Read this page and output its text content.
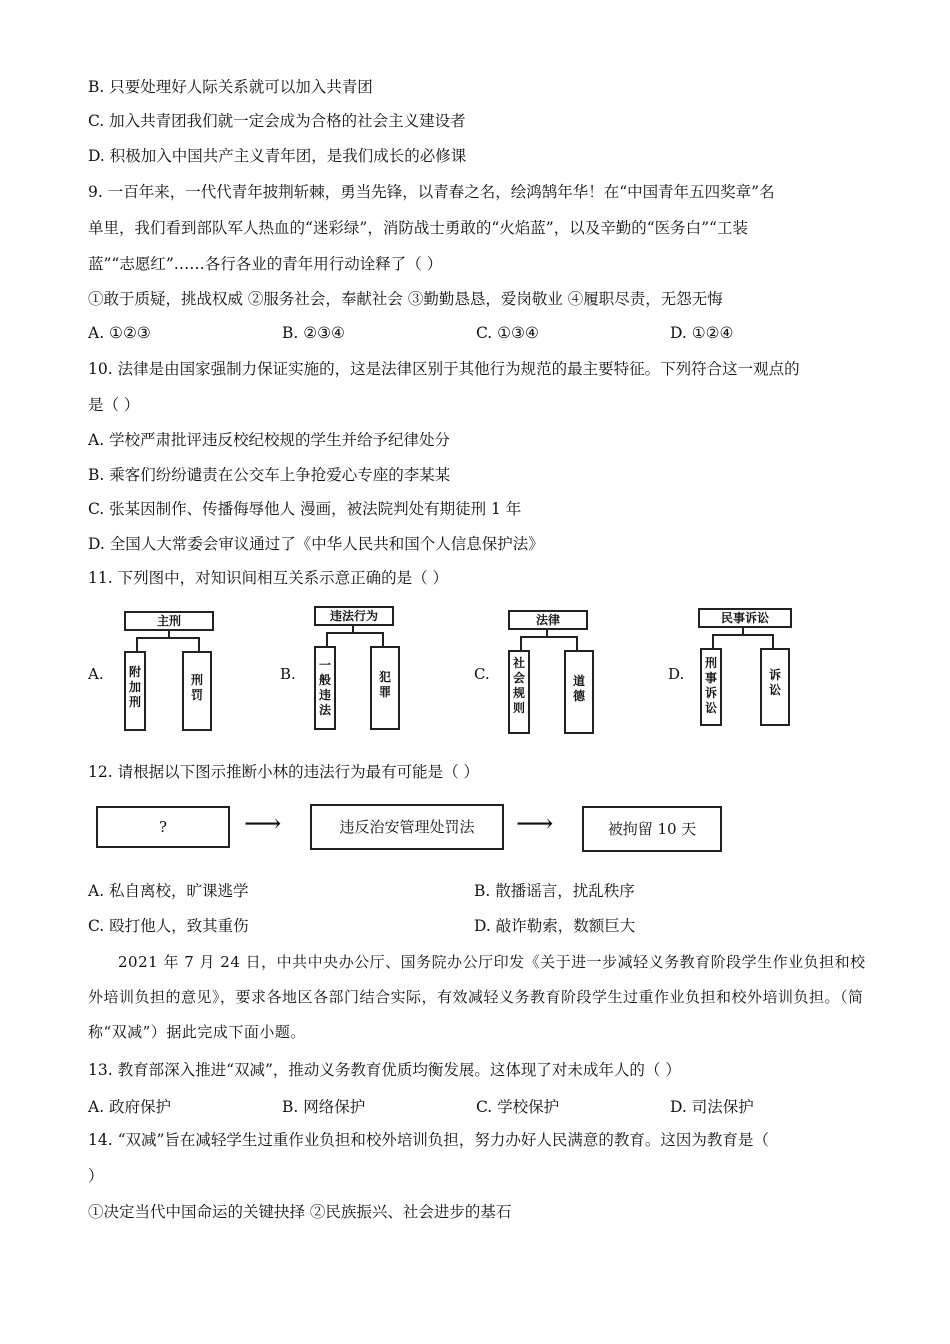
B. 只要处理好人际关系就可以加入共青团
C. 加入共青团我们就一定会成为合格的社会主义建设者
D. 积极加入中国共产主义青年团，是我们成长的必修课
9. 一百年来，一代代青年披荆斩棘，勇当先锋，以青春之名，绘鸿鹄年华！在“中国青年五四奖章”名
单里，我们看到部队军人热血的“迷彩绿”，消防战士勇敢的“火焰蓝”，以及辛勤的“医务白”“工装
蓝”“志愿红”……各行各业的青年用行动诠释了（ ）
①敢于质疑，挑战权威 ②服务社会，奉献社会 ③勤勤恳恳，爱岗敬业 ④履职尽责，无怨无悔
A. ①②③	B. ②③④	C. ①③④	D. ①②④
10. 法律是由国家强制力保证实施的，这是法律区别于其他行为规范的最主要特征。下列符合这一观点的
是（ ）
A. 学校严肃批评违反校纪校规的学生并给予纪律处分
B. 乘客们纷纷谴责在公交车上争抢爱心专座的李某某
C. 张某因制作、传播侮辱他人 漫画，被法院判处有期徒刑 1 年
D. 全国人大常委会审议通过了《中华人民共和国个人信息保护法》
11. 下列图中，对知识间相互关系示意正确的是（ ）
A.
主刑
附加刑
刑罚
B.
违法行为
一般违法
犯罪
C.
法律
社会规则
道德
D.
民事诉讼
刑事诉讼
诉讼
12. 请根据以下图示推断小林的违法行为最有可能是（ ）
?	⟶	违反治安管理处罚法	⟶	被拘留 10 天
A. 私自离校，旷课逃学	B. 散播谣言，扰乱秩序
C. 殴打他人，致其重伤	D. 敲诈勒索，数额巨大
2021 年 7 月 24 日，中共中央办公厅、国务院办公厅印发《关于进一步减轻义务教育阶段学生作业负担和校外培训负担的意见》，要求各地区各部门结合实际，有效减轻义务教育阶段学生过重作业负担和校外培训负担。（简称“双减”）据此完成下面小题。
13. 教育部深入推进“双减”，推动义务教育优质均衡发展。这体现了对未成年人的（ ）
A. 政府保护	B. 网络保护	C. 学校保护	D. 司法保护
14. “双减”旨在减轻学生过重作业负担和校外培训负担，努力办好人民满意的教育。这因为教育是（
）
①决定当代中国命运的关键抉择 ②民族振兴、社会进步的基石
